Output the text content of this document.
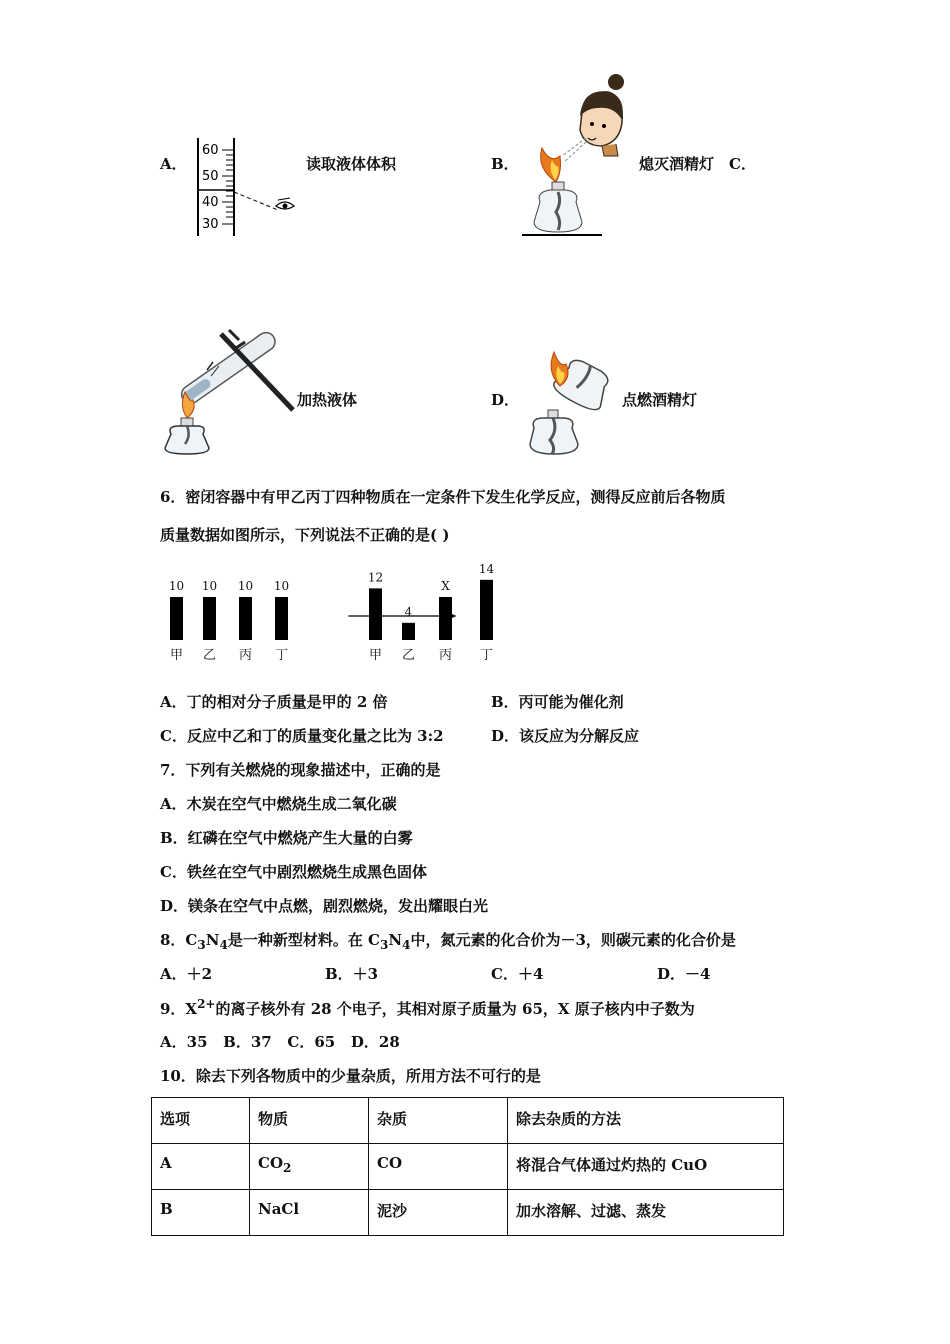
A．
60
50
40
30
读取液体体积	B．	熄灭酒精灯 C．
加热液体	D．	点燃酒精灯
6．密闭容器中有甲乙丙丁四种物质在一定条件下发生化学反应，测得反应前后各物质
质量数据如图所示，下列说法不正确的是( )
10
甲
10
乙
10
丙
10
丁
12
甲
4
乙
X
丙
14
丁
A．丁的相对分子质量是甲的 2 倍	B．丙可能为催化剂
C．反应中乙和丁的质量变化量之比为 3:2	D．该反应为分解反应
7．下列有关燃烧的现象描述中，正确的是
A．木炭在空气中燃烧生成二氧化碳
B．红磷在空气中燃烧产生大量的白雾
C．铁丝在空气中剧烈燃烧生成黑色固体
D．镁条在空气中点燃，剧烈燃烧，发出耀眼白光
8．$C_3N_4$是一种新型材料。在 $C_3N_4$中，氮元素的化合价为－3，则碳元素的化合价是
A．＋2	B．＋3	C．＋4	D．－4
9．$X^{2+}$的离子核外有 28 个电子，其相对原子质量为 65，X 原子核内中子数为
A．35   B．37   C．65   D．28
10．除去下列各物质中的少量杂质，所用方法不可行的是
选项	物质	杂质	除去杂质的方法
A	$CO_2$	CO	将混合气体通过灼热的 CuO
B	NaCl	泥沙	加水溶解、过滤、蒸发
